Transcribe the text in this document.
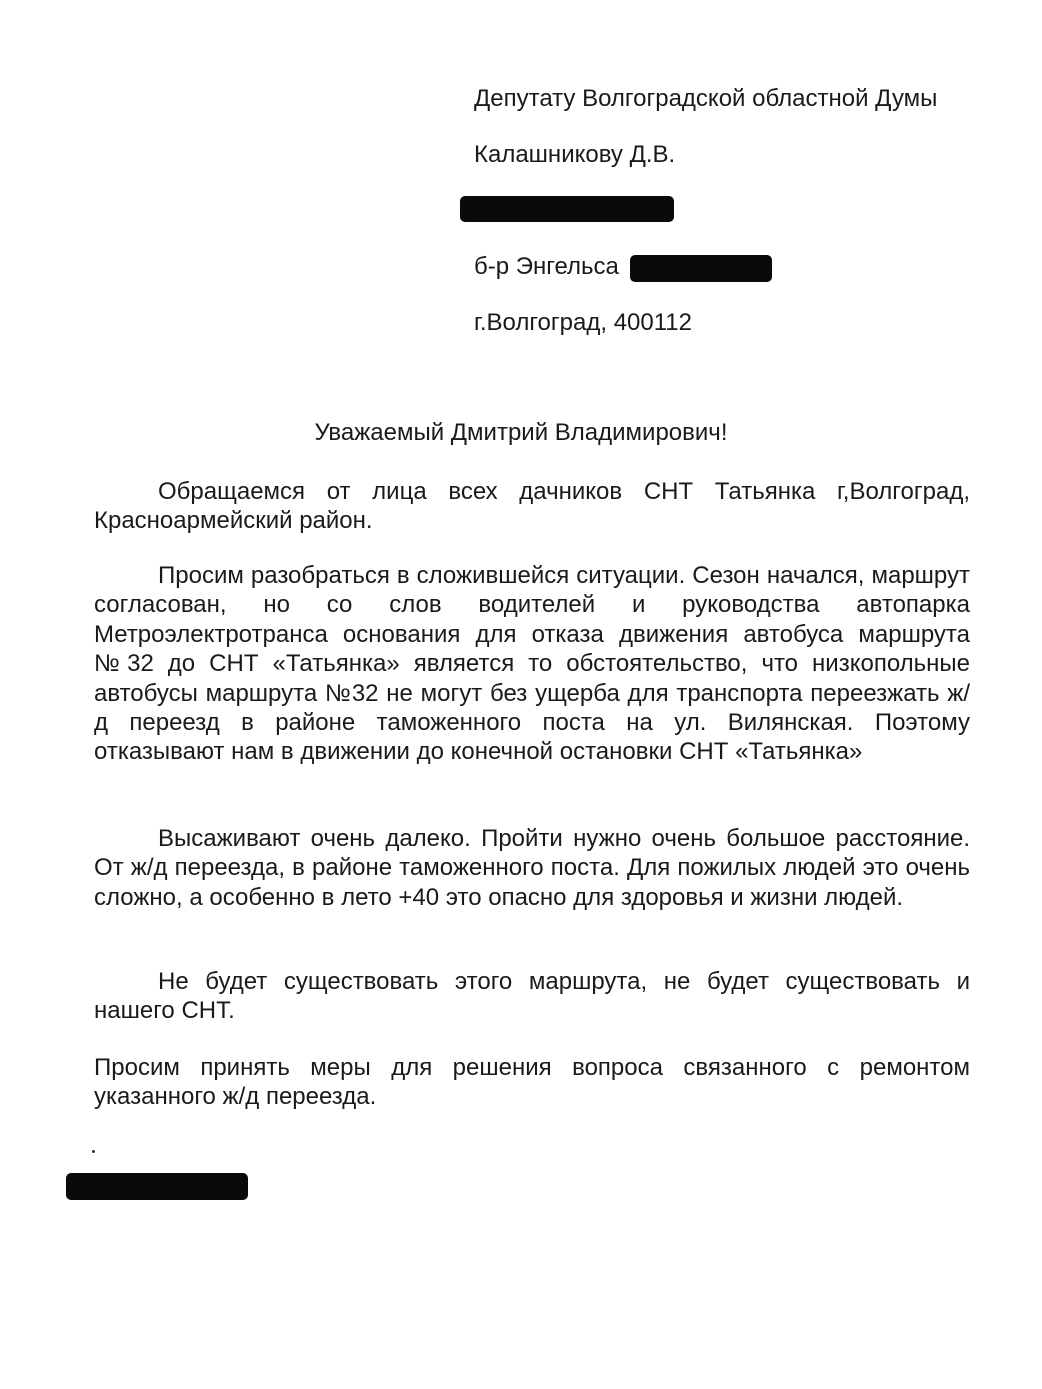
Депутату Волгоградской областной Думы
Калашникову Д.В.
б-р Энгельса
г.Волгоград, 400112
Уважаемый Дмитрий Владимирович!
Обращаемся от лица всех дачников СНТ Татьянка г,Волгоград, Красноармейский район.
Просим разобраться в сложившейся ситуации. Сезон начался, маршрут согласован, но со слов водителей и руководства автопарка Метроэлектротранса основания для отказа движения автобуса маршрута №32 до СНТ «Татьянка» является то обстоятельство, что низкопольные автобусы маршрута №32 не могут без ущерба для транспорта переезжать ж/д переезд в районе таможенного поста на ул. Вилянская. Поэтому отказывают нам в движении до конечной остановки СНТ «Татьянка»
Высаживают очень далеко. Пройти нужно очень большое расстояние. От ж/д переезда, в районе таможенного поста. Для пожилых людей это очень сложно, а особенно в лето +40 это опасно для здоровья и жизни людей.
Не будет существовать этого маршрута, не будет существовать и нашего СНТ.
Просим принять меры для решения вопроса связанного с ремонтом указанного ж/д переезда.
